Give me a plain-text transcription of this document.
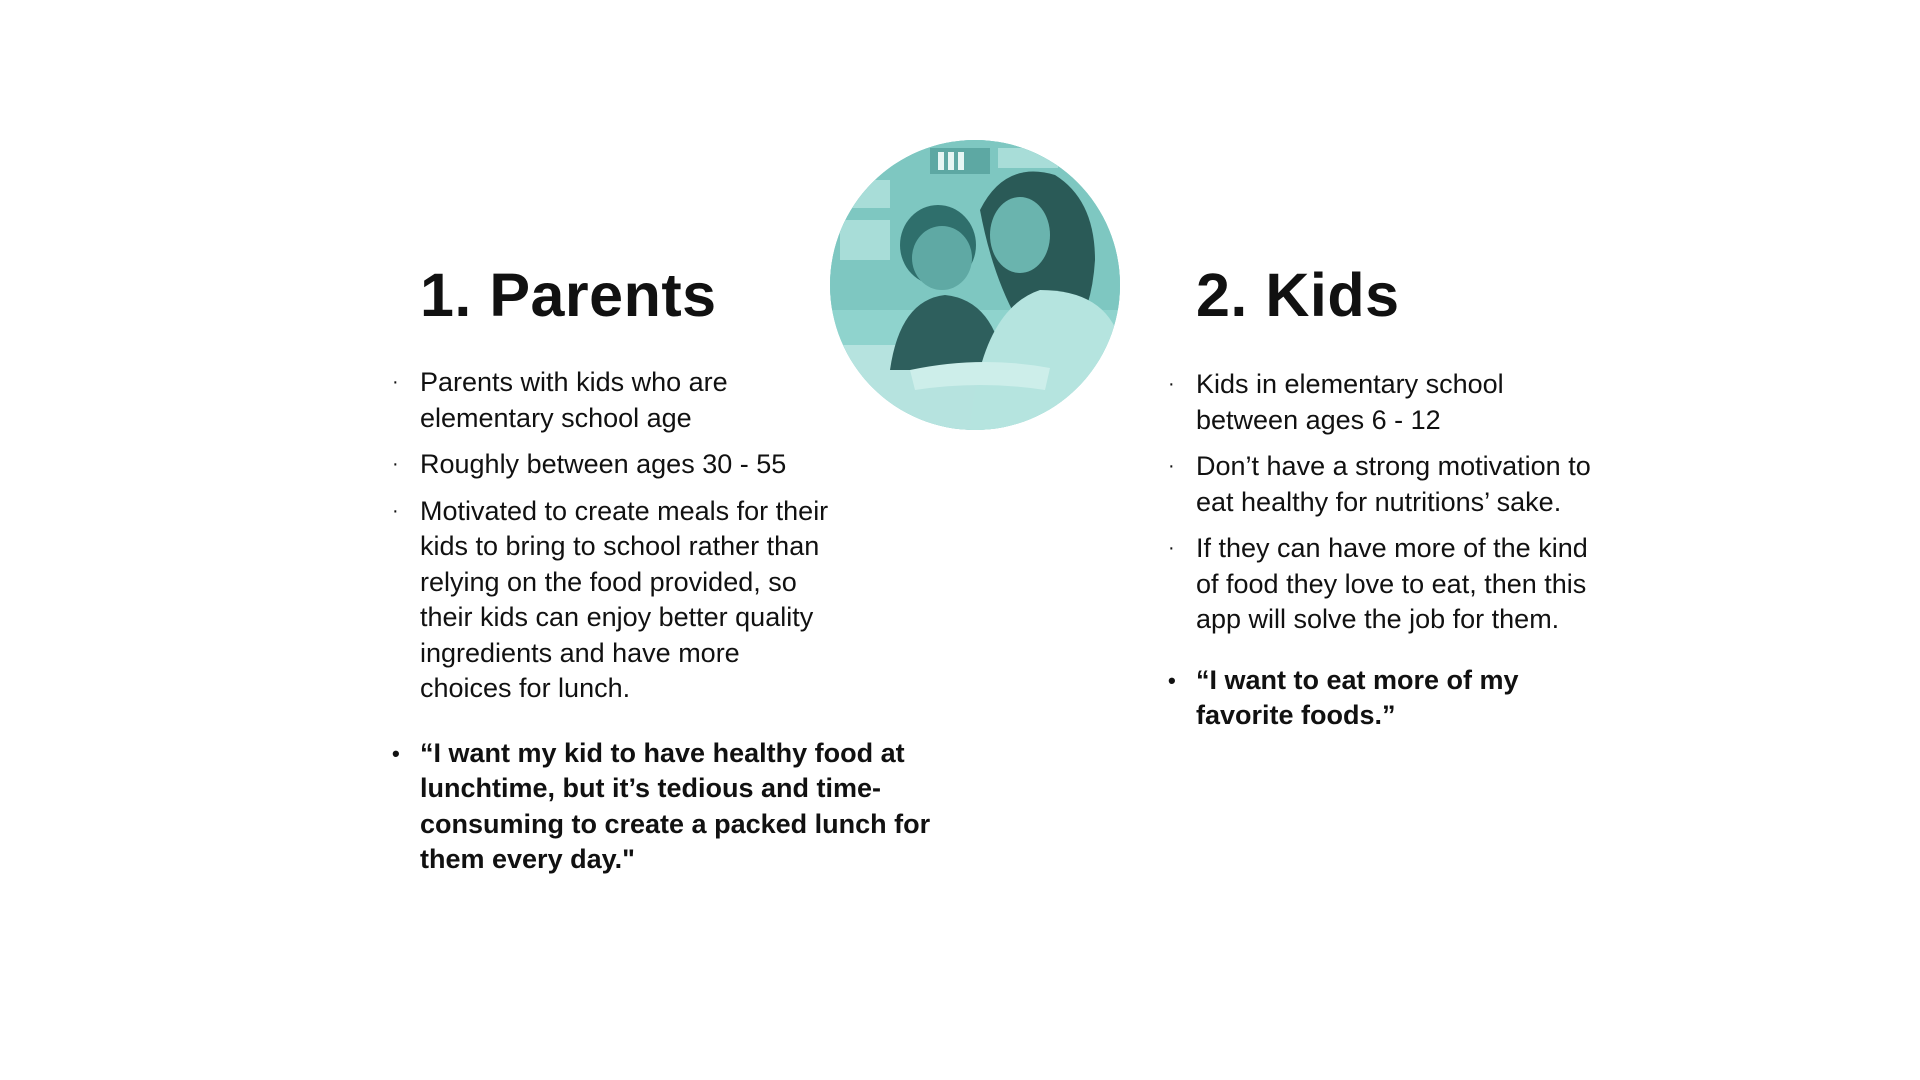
1. Parents
· Parents with kids who are elementary school age
· Roughly between ages 30 - 55
· Motivated to create meals for their kids to bring to school rather than relying on the food provided, so their kids can enjoy better quality ingredients and have more choices for lunch.
• “I want my kid to have healthy food at
lunchtime, but it’s tedious and time-
consuming to create a packed lunch for
them every day."
2. Kids
· Kids in elementary school between ages 6 - 12
· Don’t have a strong motivation to eat healthy for nutritions’ sake.
· If they can have more of the kind of food they love to eat, then this app will solve the job for them.
• “I want to eat more of my
favorite foods.”
